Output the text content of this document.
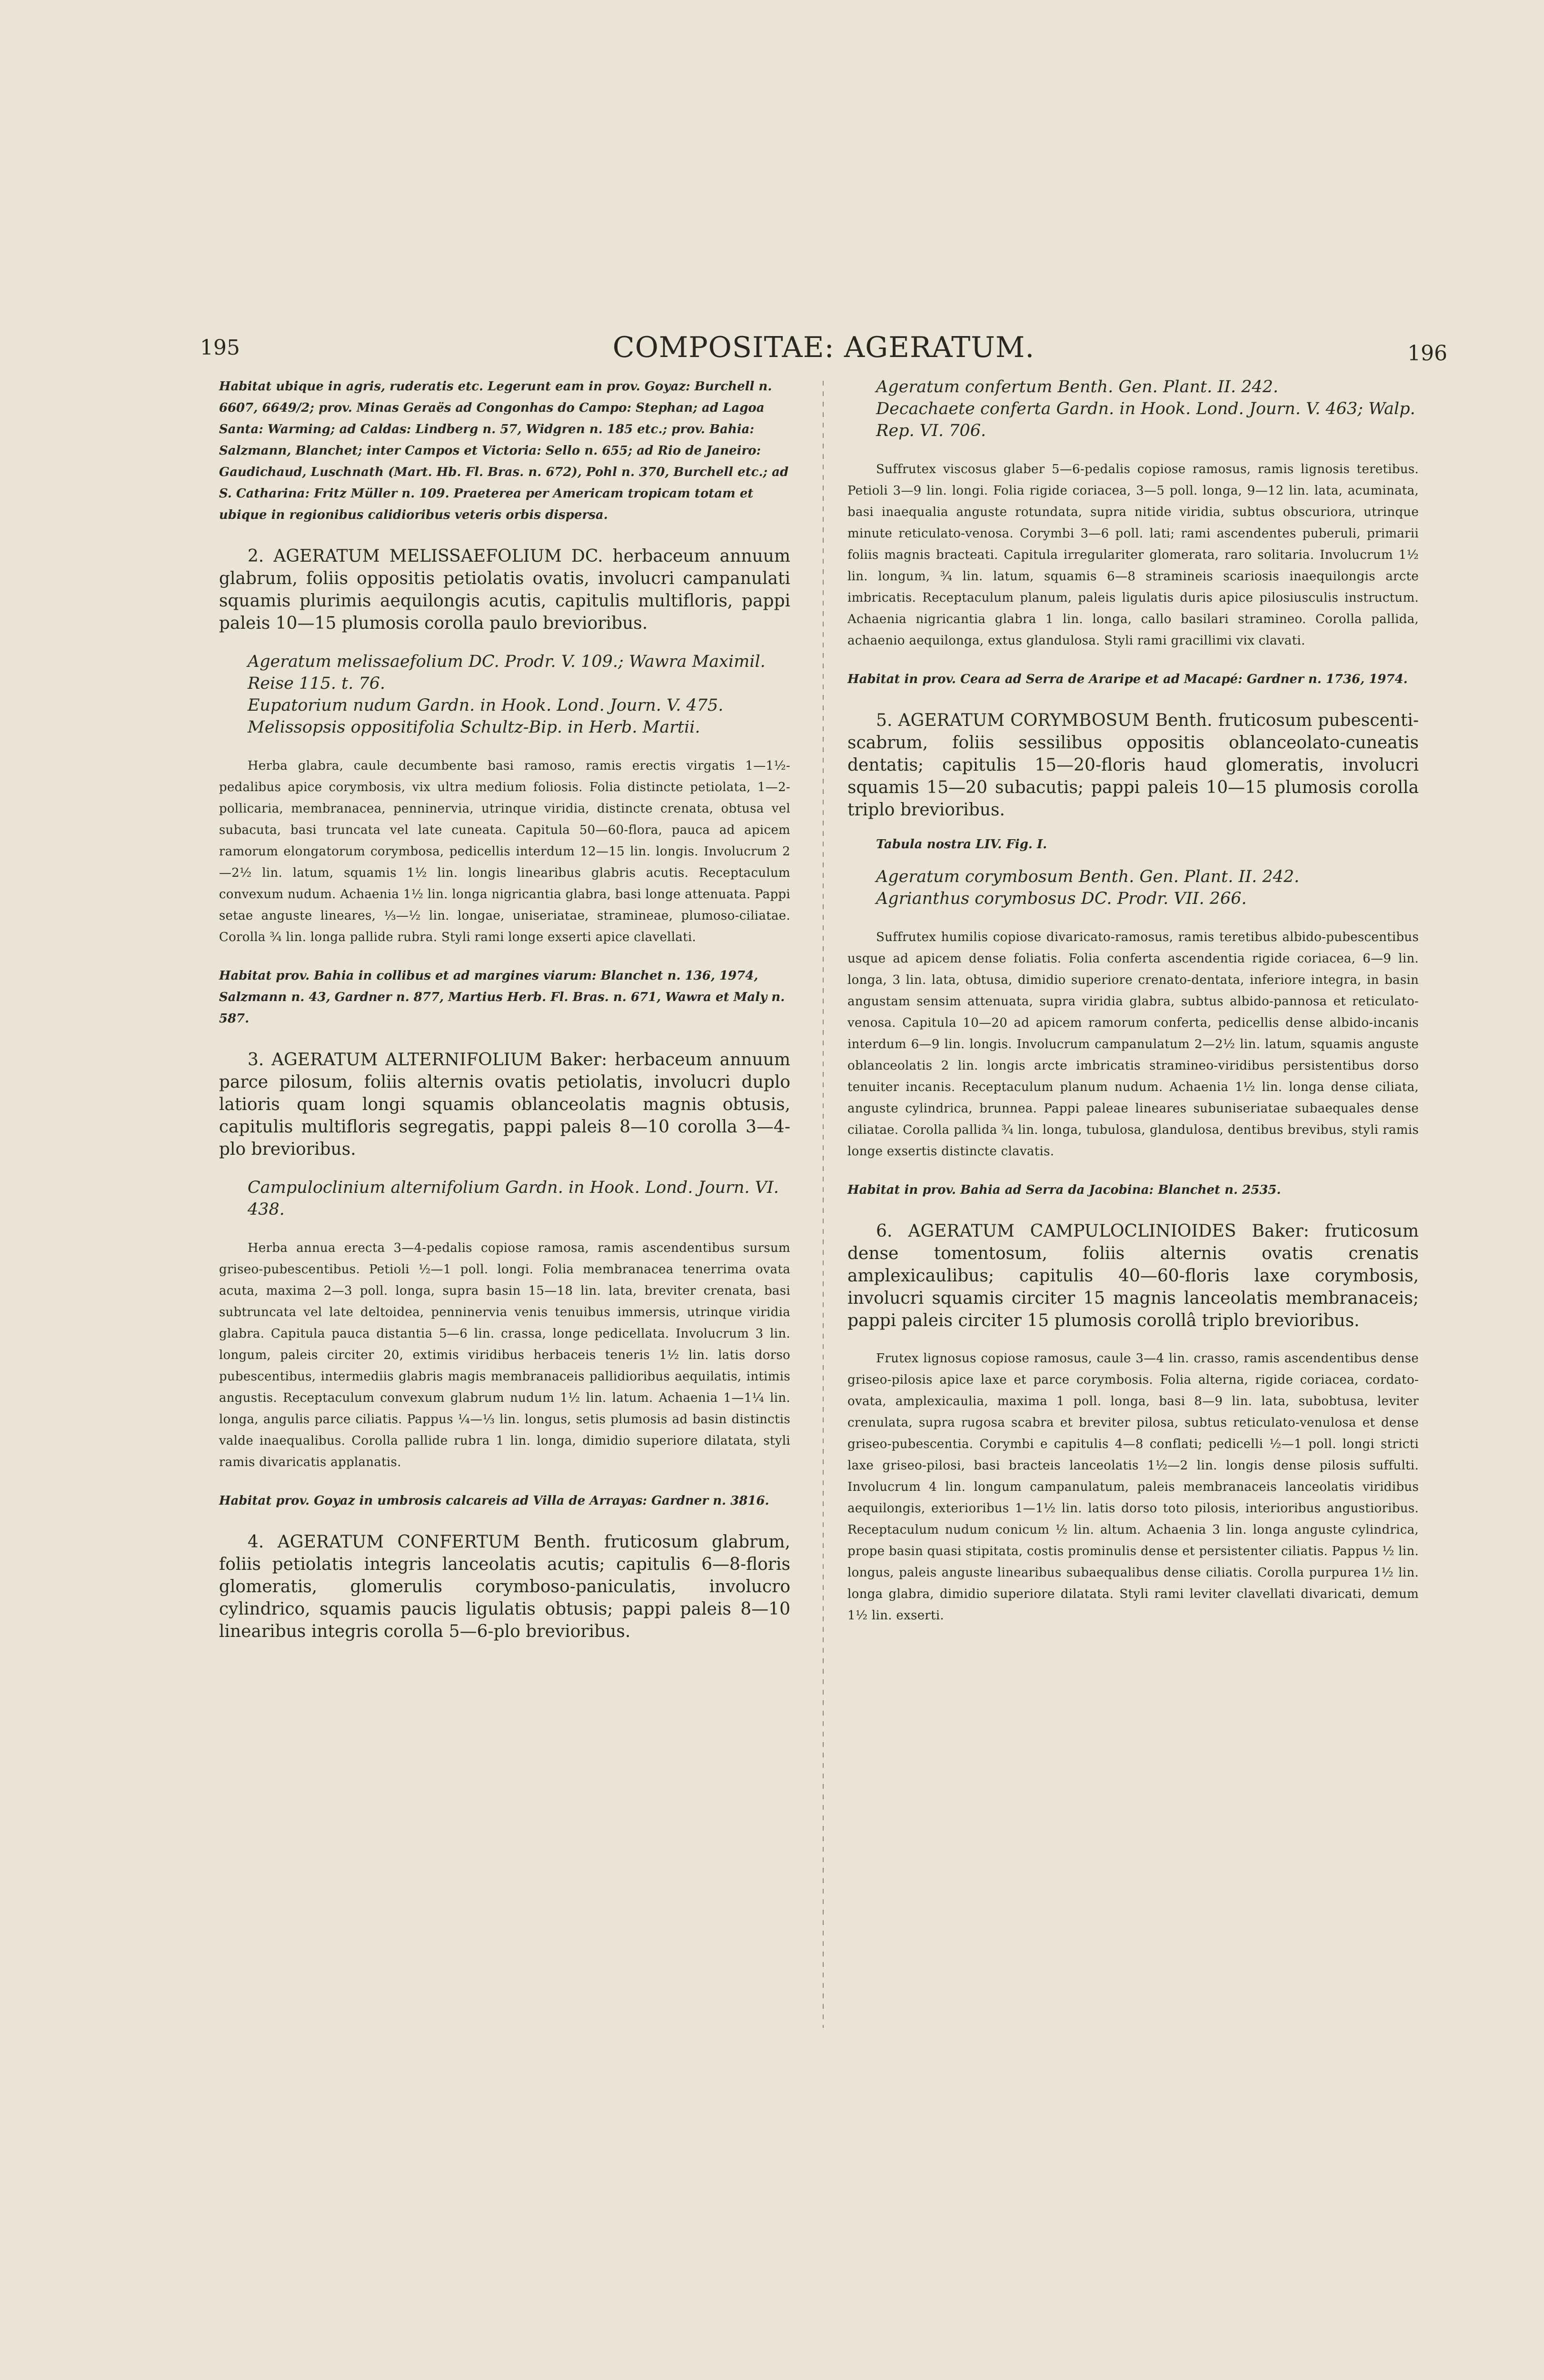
195	COMPOSITAE: AGERATUM.	196

Habitat ubique in agris, ruderatis etc. Legerunt eam in prov. Goyaz: Burchell n. 6607, 6649/2; prov. Minas Geraës ad Congonhas do Campo: Stephan; ad Lagoa Santa: Warming; ad Caldas: Lindberg n. 57, Widgren n. 185 etc.; prov. Bahia: Salzmann, Blanchet; inter Campos et Victoria: Sello n. 655; ad Rio de Janeiro: Gaudichaud, Luschnath (Mart. Hb. Fl. Bras. n. 672), Pohl n. 370, Burchell etc.; ad S. Catharina: Fritz Müller n. 109. Praeterea per Americam tropicam totam et ubique in regionibus calidioribus veteris orbis dispersa.

2. AGERATUM MELISSAEFOLIUM DC. herbaceum annuum glabrum, foliis oppositis petiolatis ovatis, involucri campanulati squamis plurimis aequilongis acutis, capitulis multifloris, pappi paleis 10—15 plumosis corolla paulo brevioribus.

Ageratum melissaefolium DC. Prodr. V. 109.; Wawra Maximil. Reise 115. t. 76.

Eupatorium nudum Gardn. in Hook. Lond. Journ. V. 475.

Melissopsis oppositifolia Schultz-Bip. in Herb. Martii.

Herba glabra, caule decumbente basi ramoso, ramis erectis virgatis 1—1½-pedalibus apice corymbosis, vix ultra medium foliosis. Folia distincte petiolata, 1—2-pollicaria, membranacea, penninervia, utrinque viridia, distincte crenata, obtusa vel subacuta, basi truncata vel late cuneata. Capitula 50—60-flora, pauca ad apicem ramorum elongatorum corymbosa, pedicellis interdum 12—15 lin. longis. Involucrum 2—2½ lin. latum, squamis 1½ lin. longis linearibus glabris acutis. Receptaculum convexum nudum. Achaenia 1½ lin. longa nigricantia glabra, basi longe attenuata. Pappi setae anguste lineares, ⅓—½ lin. longae, uniseriatae, stramineae, plumoso-ciliatae. Corolla ¾ lin. longa pallide rubra. Styli rami longe exserti apice clavellati.

Habitat prov. Bahia in collibus et ad margines viarum: Blanchet n. 136, 1974, Salzmann n. 43, Gardner n. 877, Martius Herb. Fl. Bras. n. 671, Wawra et Maly n. 587.

3. AGERATUM ALTERNIFOLIUM Baker: herbaceum annuum parce pilosum, foliis alternis ovatis petiolatis, involucri duplo latioris quam longi squamis oblanceolatis magnis obtusis, capitulis multifloris segregatis, pappi paleis 8—10 corolla 3—4-plo brevioribus.

Campuloclinium alternifolium Gardn. in Hook. Lond. Journ. VI. 438.

Herba annua erecta 3—4-pedalis copiose ramosa, ramis ascendentibus sursum griseo-pubescentibus. Petioli ½—1 poll. longi. Folia membranacea tenerrima ovata acuta, maxima 2—3 poll. longa, supra basin 15—18 lin. lata, breviter crenata, basi subtruncata vel late deltoidea, penninervia venis tenuibus immersis, utrinque viridia glabra. Capitula pauca distantia 5—6 lin. crassa, longe pedicellata. Involucrum 3 lin. longum, paleis circiter 20, extimis viridibus herbaceis teneris 1½ lin. latis dorso pubescentibus, intermediis glabris magis membranaceis pallidioribus aequilatis, intimis angustis. Receptaculum convexum glabrum nudum 1½ lin. latum. Achaenia 1—1¼ lin. longa, angulis parce ciliatis. Pappus ¼—⅓ lin. longus, setis plumosis ad basin distinctis valde inaequalibus. Corolla pallide rubra 1 lin. longa, dimidio superiore dilatata, styli ramis divaricatis applanatis.

Habitat prov. Goyaz in umbrosis calcareis ad Villa de Arrayas: Gardner n. 3816.

4. AGERATUM CONFERTUM Benth. fruticosum glabrum, foliis petiolatis integris lanceolatis acutis; capitulis 6—8-floris glomeratis, glomerulis corymboso-paniculatis, involucro cylindrico, squamis paucis ligulatis obtusis; pappi paleis 8—10 linearibus integris corolla 5—6-plo brevioribus.

Ageratum confertum Benth. Gen. Plant. II. 242.

Decachaete conferta Gardn. in Hook. Lond. Journ. V. 463; Walp. Rep. VI. 706.

Suffrutex viscosus glaber 5—6-pedalis copiose ramosus, ramis lignosis teretibus. Petioli 3—9 lin. longi. Folia rigide coriacea, 3—5 poll. longa, 9—12 lin. lata, acuminata, basi inaequalia anguste rotundata, supra nitide viridia, subtus obscuriora, utrinque minute reticulato-venosa. Corymbi 3—6 poll. lati; rami ascendentes puberuli, primarii foliis magnis bracteati. Capitula irregulariter glomerata, raro solitaria. Involucrum 1½ lin. longum, ¾ lin. latum, squamis 6—8 stramineis scariosis inaequilongis arcte imbricatis. Receptaculum planum, paleis ligulatis duris apice pilosiusculis instructum. Achaenia nigricantia glabra 1 lin. longa, callo basilari stramineo. Corolla pallida, achaenio aequilonga, extus glandulosa. Styli rami gracillimi vix clavati.

Habitat in prov. Ceara ad Serra de Araripe et ad Macapé: Gardner n. 1736, 1974.

5. AGERATUM CORYMBOSUM Benth. fruticosum pubescenti-scabrum, foliis sessilibus oppositis oblanceolato-cuneatis dentatis; capitulis 15—20-floris haud glomeratis, involucri squamis 15—20 subacutis; pappi paleis 10—15 plumosis corolla triplo brevioribus.

Tabula nostra LIV. Fig. I.

Ageratum corymbosum Benth. Gen. Plant. II. 242.

Agrianthus corymbosus DC. Prodr. VII. 266.

Suffrutex humilis copiose divaricato-ramosus, ramis teretibus albido-pubescentibus usque ad apicem dense foliatis. Folia conferta ascendentia rigide coriacea, 6—9 lin. longa, 3 lin. lata, obtusa, dimidio superiore crenato-dentata, inferiore integra, in basin angustam sensim attenuata, supra viridia glabra, subtus albido-pannosa et reticulato-venosa. Capitula 10—20 ad apicem ramorum conferta, pedicellis dense albido-incanis interdum 6—9 lin. longis. Involucrum campanulatum 2—2½ lin. latum, squamis anguste oblanceolatis 2 lin. longis arcte imbricatis stramineo-viridibus persistentibus dorso tenuiter incanis. Receptaculum planum nudum. Achaenia 1½ lin. longa dense ciliata, anguste cylindrica, brunnea. Pappi paleae lineares subuniseriatae subaequales dense ciliatae. Corolla pallida ¾ lin. longa, tubulosa, glandulosa, dentibus brevibus, styli ramis longe exsertis distincte clavatis.

Habitat in prov. Bahia ad Serra da Jacobina: Blanchet n. 2535.

6. AGERATUM CAMPULOCLINIOIDES Baker: fruticosum dense tomentosum, foliis alternis ovatis crenatis amplexicaulibus; capitulis 40—60-floris laxe corymbosis, involucri squamis circiter 15 magnis lanceolatis membranaceis; pappi paleis circiter 15 plumosis corollâ triplo brevioribus.

Frutex lignosus copiose ramosus, caule 3—4 lin. crasso, ramis ascendentibus dense griseo-pilosis apice laxe et parce corymbosis. Folia alterna, rigide coriacea, cordato-ovata, amplexicaulia, maxima 1 poll. longa, basi 8—9 lin. lata, subobtusa, leviter crenulata, supra rugosa scabra et breviter pilosa, subtus reticulato-venulosa et dense griseo-pubescentia. Corymbi e capitulis 4—8 conflati; pedicelli ½—1 poll. longi stricti laxe griseo-pilosi, basi bracteis lanceolatis 1½—2 lin. longis dense pilosis suffulti. Involucrum 4 lin. longum campanulatum, paleis membranaceis lanceolatis viridibus aequilongis, exterioribus 1—1½ lin. latis dorso toto pilosis, interioribus angustioribus. Receptaculum nudum conicum ½ lin. altum. Achaenia 3 lin. longa anguste cylindrica, prope basin quasi stipitata, costis prominulis dense et persistenter ciliatis. Pappus ½ lin. longus, paleis anguste linearibus subaequalibus dense ciliatis. Corolla purpurea 1½ lin. longa glabra, dimidio superiore dilatata. Styli rami leviter clavellati divaricati, demum 1½ lin. exserti.
